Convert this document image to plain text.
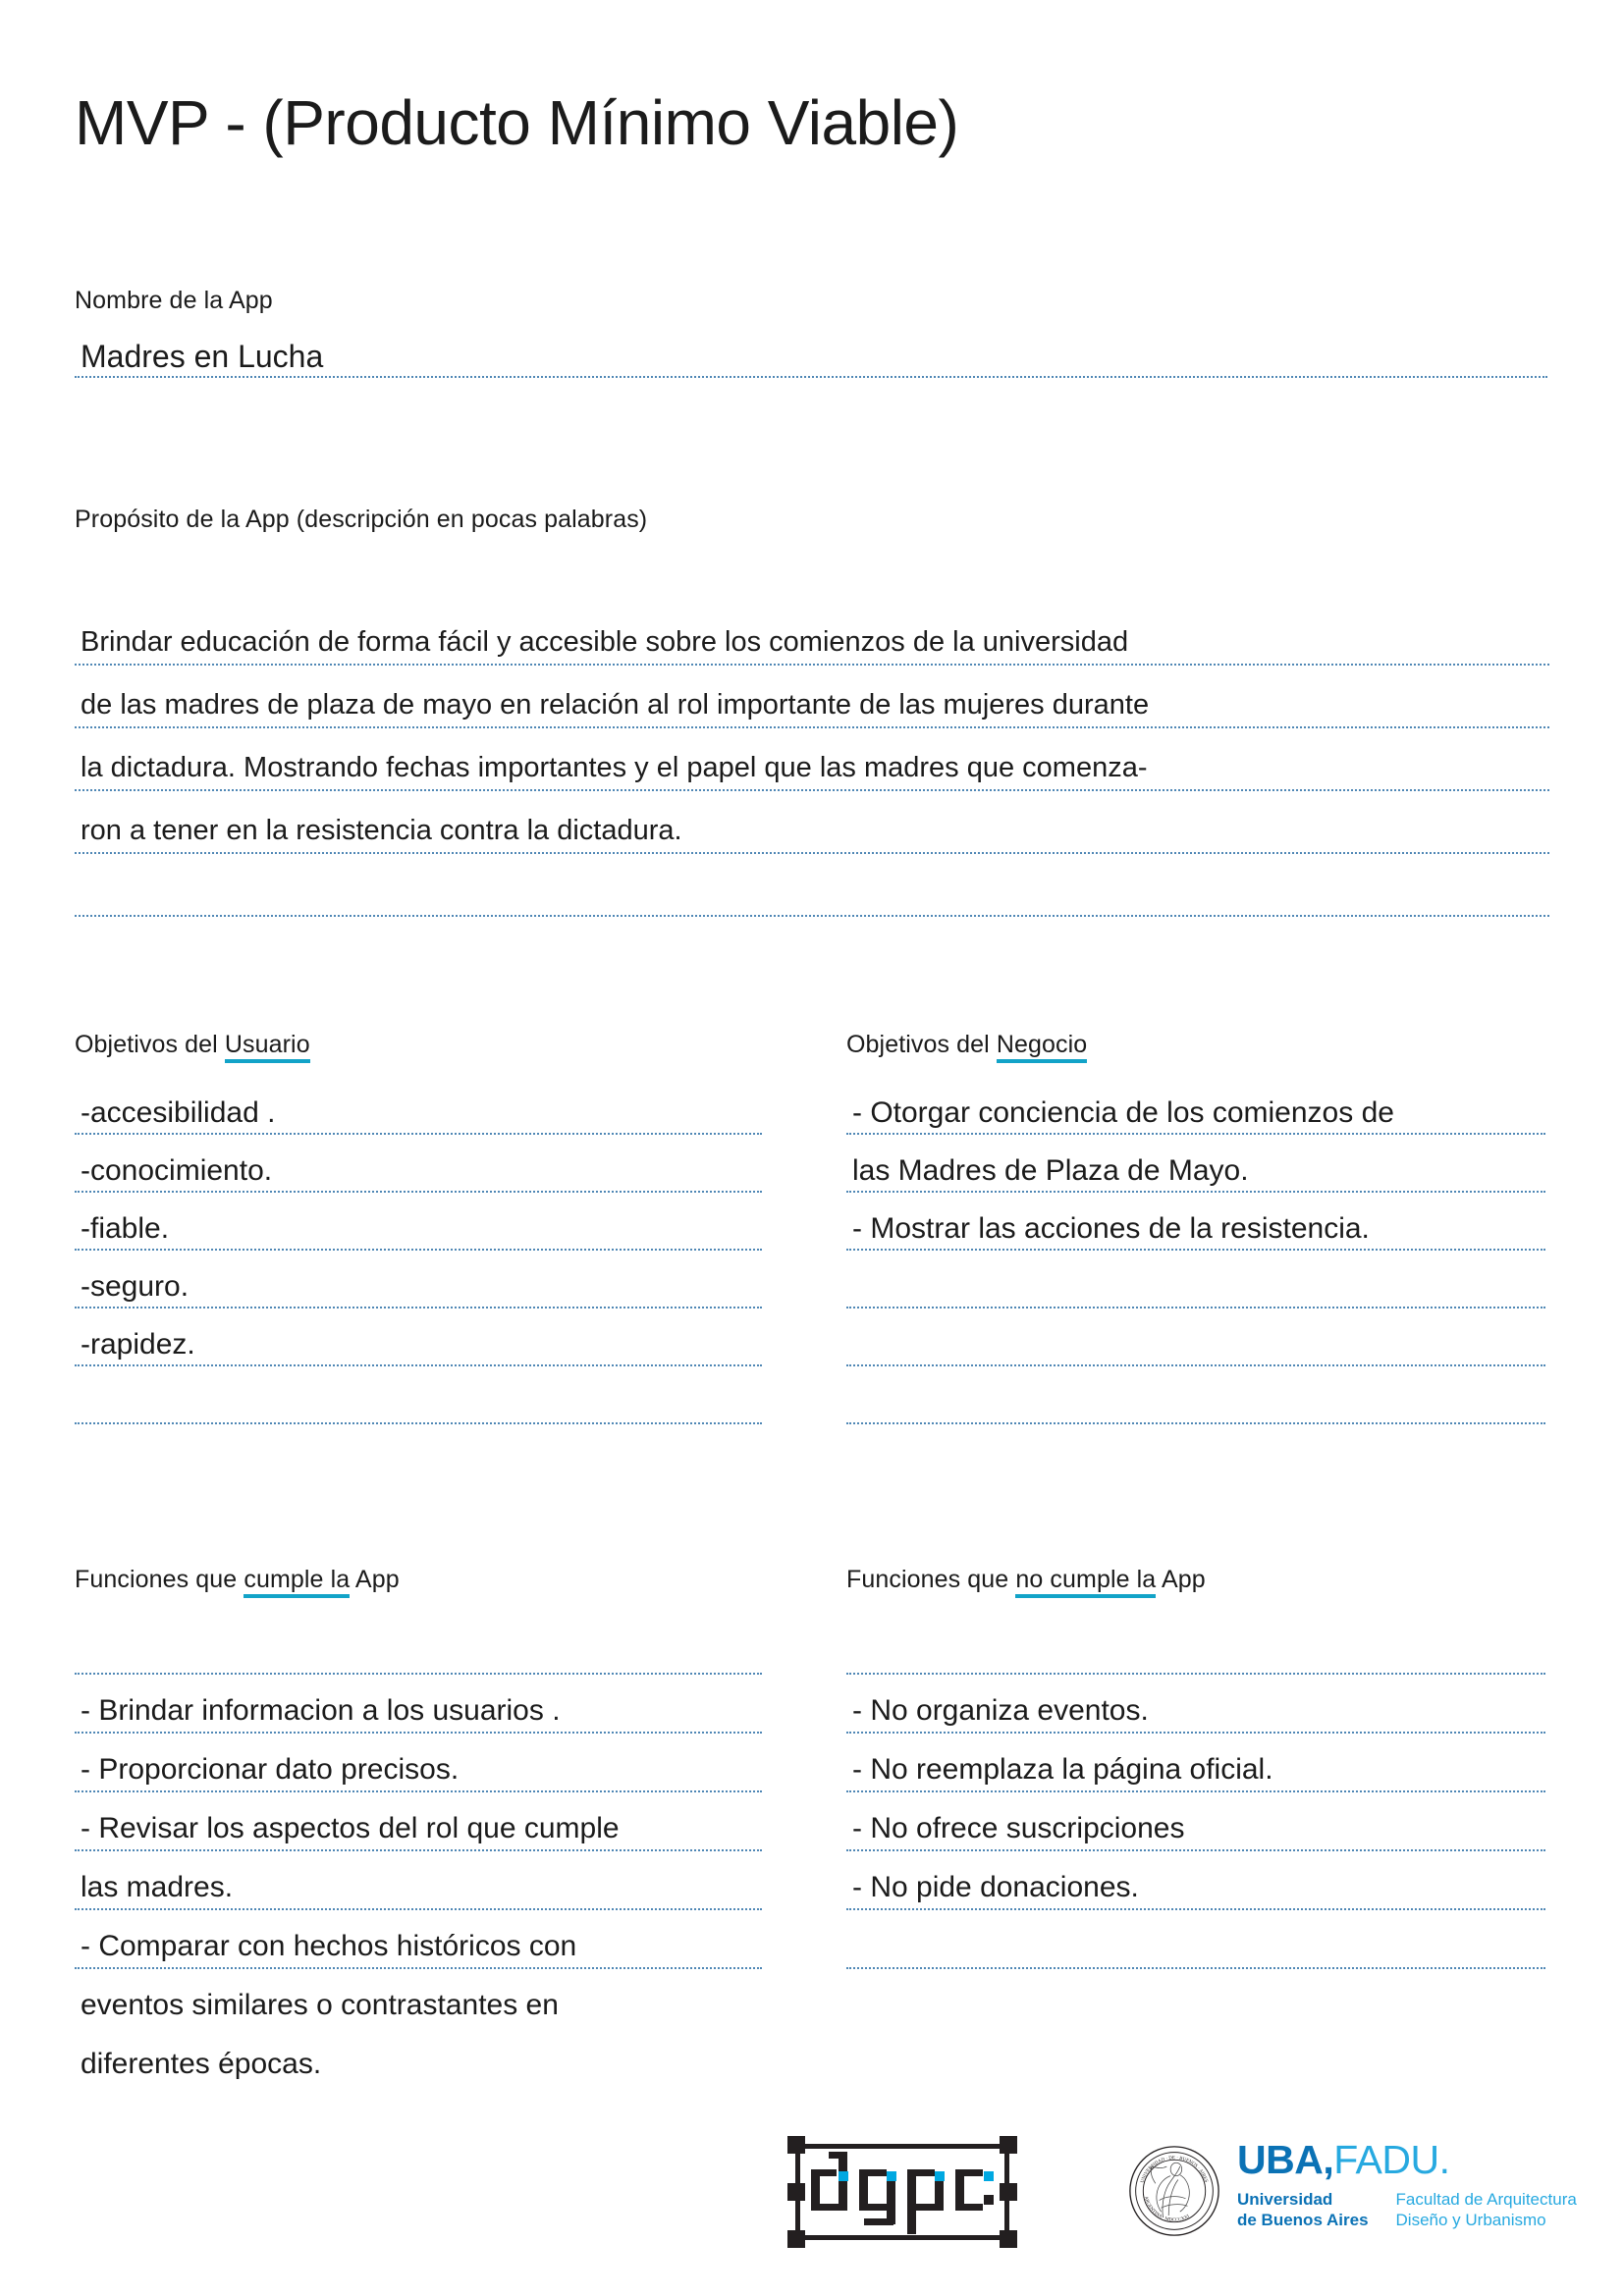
MVP - (Producto Mínimo Viable)
Nombre de la App
Madres en Lucha
Propósito de la App (descripción en pocas palabras)
Brindar educación de forma fácil y accesible sobre los comienzos de la universidad
de las madres de plaza de mayo en relación al rol importante de las mujeres durante
la dictadura. Mostrando fechas importantes y el papel que las madres que comenza-
ron a tener en la resistencia contra la dictadura.
Objetivos del Usuario
-accesibilidad .
-conocimiento.
-fiable.
-seguro.
-rapidez.
Objetivos del Negocio
- Otorgar conciencia de los comienzos de
las Madres de Plaza de Mayo.
- Mostrar las acciones de la resistencia.
Funciones que cumple la App
- Brindar informacion a los usuarios .
- Proporcionar dato precisos.
- Revisar los aspectos del rol que cumple
las madres.
- Comparar con hechos históricos con
eventos similares o contrastantes en
diferentes épocas.
Funciones que no cumple la App
- No organiza eventos.
- No reemplaza la página oficial.
- No ofrece suscripciones
- No pide donaciones.
UNIVERSIDAD · DE · BUENOS · AIRES
ARGENTINA · MDCCCXXI
UBA,FADU.
Universidad
de Buenos Aires
Facultad de Arquitectura
Diseño y Urbanismo
